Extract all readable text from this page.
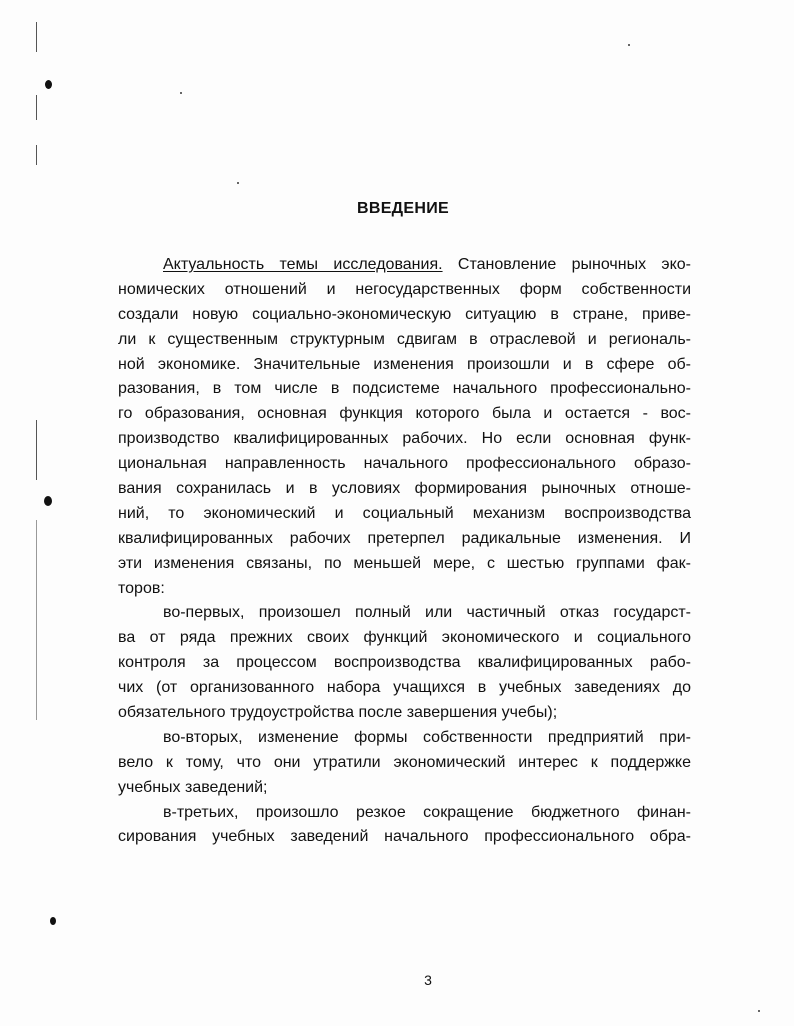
ВВЕДЕНИЕ
Актуальность темы исследования. Становление рыночных эко-
номических отношений и негосударственных форм собственности
создали новую социально-экономическую ситуацию в стране, приве-
ли к существенным структурным сдвигам в отраслевой и региональ-
ной экономике. Значительные изменения произошли и в сфере об-
разования, в том числе в подсистеме начального профессионально-
го образования, основная функция которого была и остается - вос-
производство квалифицированных рабочих. Но если основная функ-
циональная направленность начального профессионального образо-
вания сохранилась и в условиях формирования рыночных отноше-
ний, то экономический и социальный механизм воспроизводства
квалифицированных рабочих претерпел радикальные изменения. И
эти изменения связаны, по меньшей мере, с шестью группами фак-
торов:
во-первых, произошел полный или частичный отказ государст-
ва от ряда прежних своих функций экономического и социального
контроля за процессом воспроизводства квалифицированных рабо-
чих (от организованного набора учащихся в учебных заведениях до
обязательного трудоустройства после завершения учебы);
во-вторых, изменение формы собственности предприятий при-
вело к тому, что они утратили экономический интерес к поддержке
учебных заведений;
в-третьих, произошло резкое сокращение бюджетного финан-
сирования учебных заведений начального профессионального обра-
3
